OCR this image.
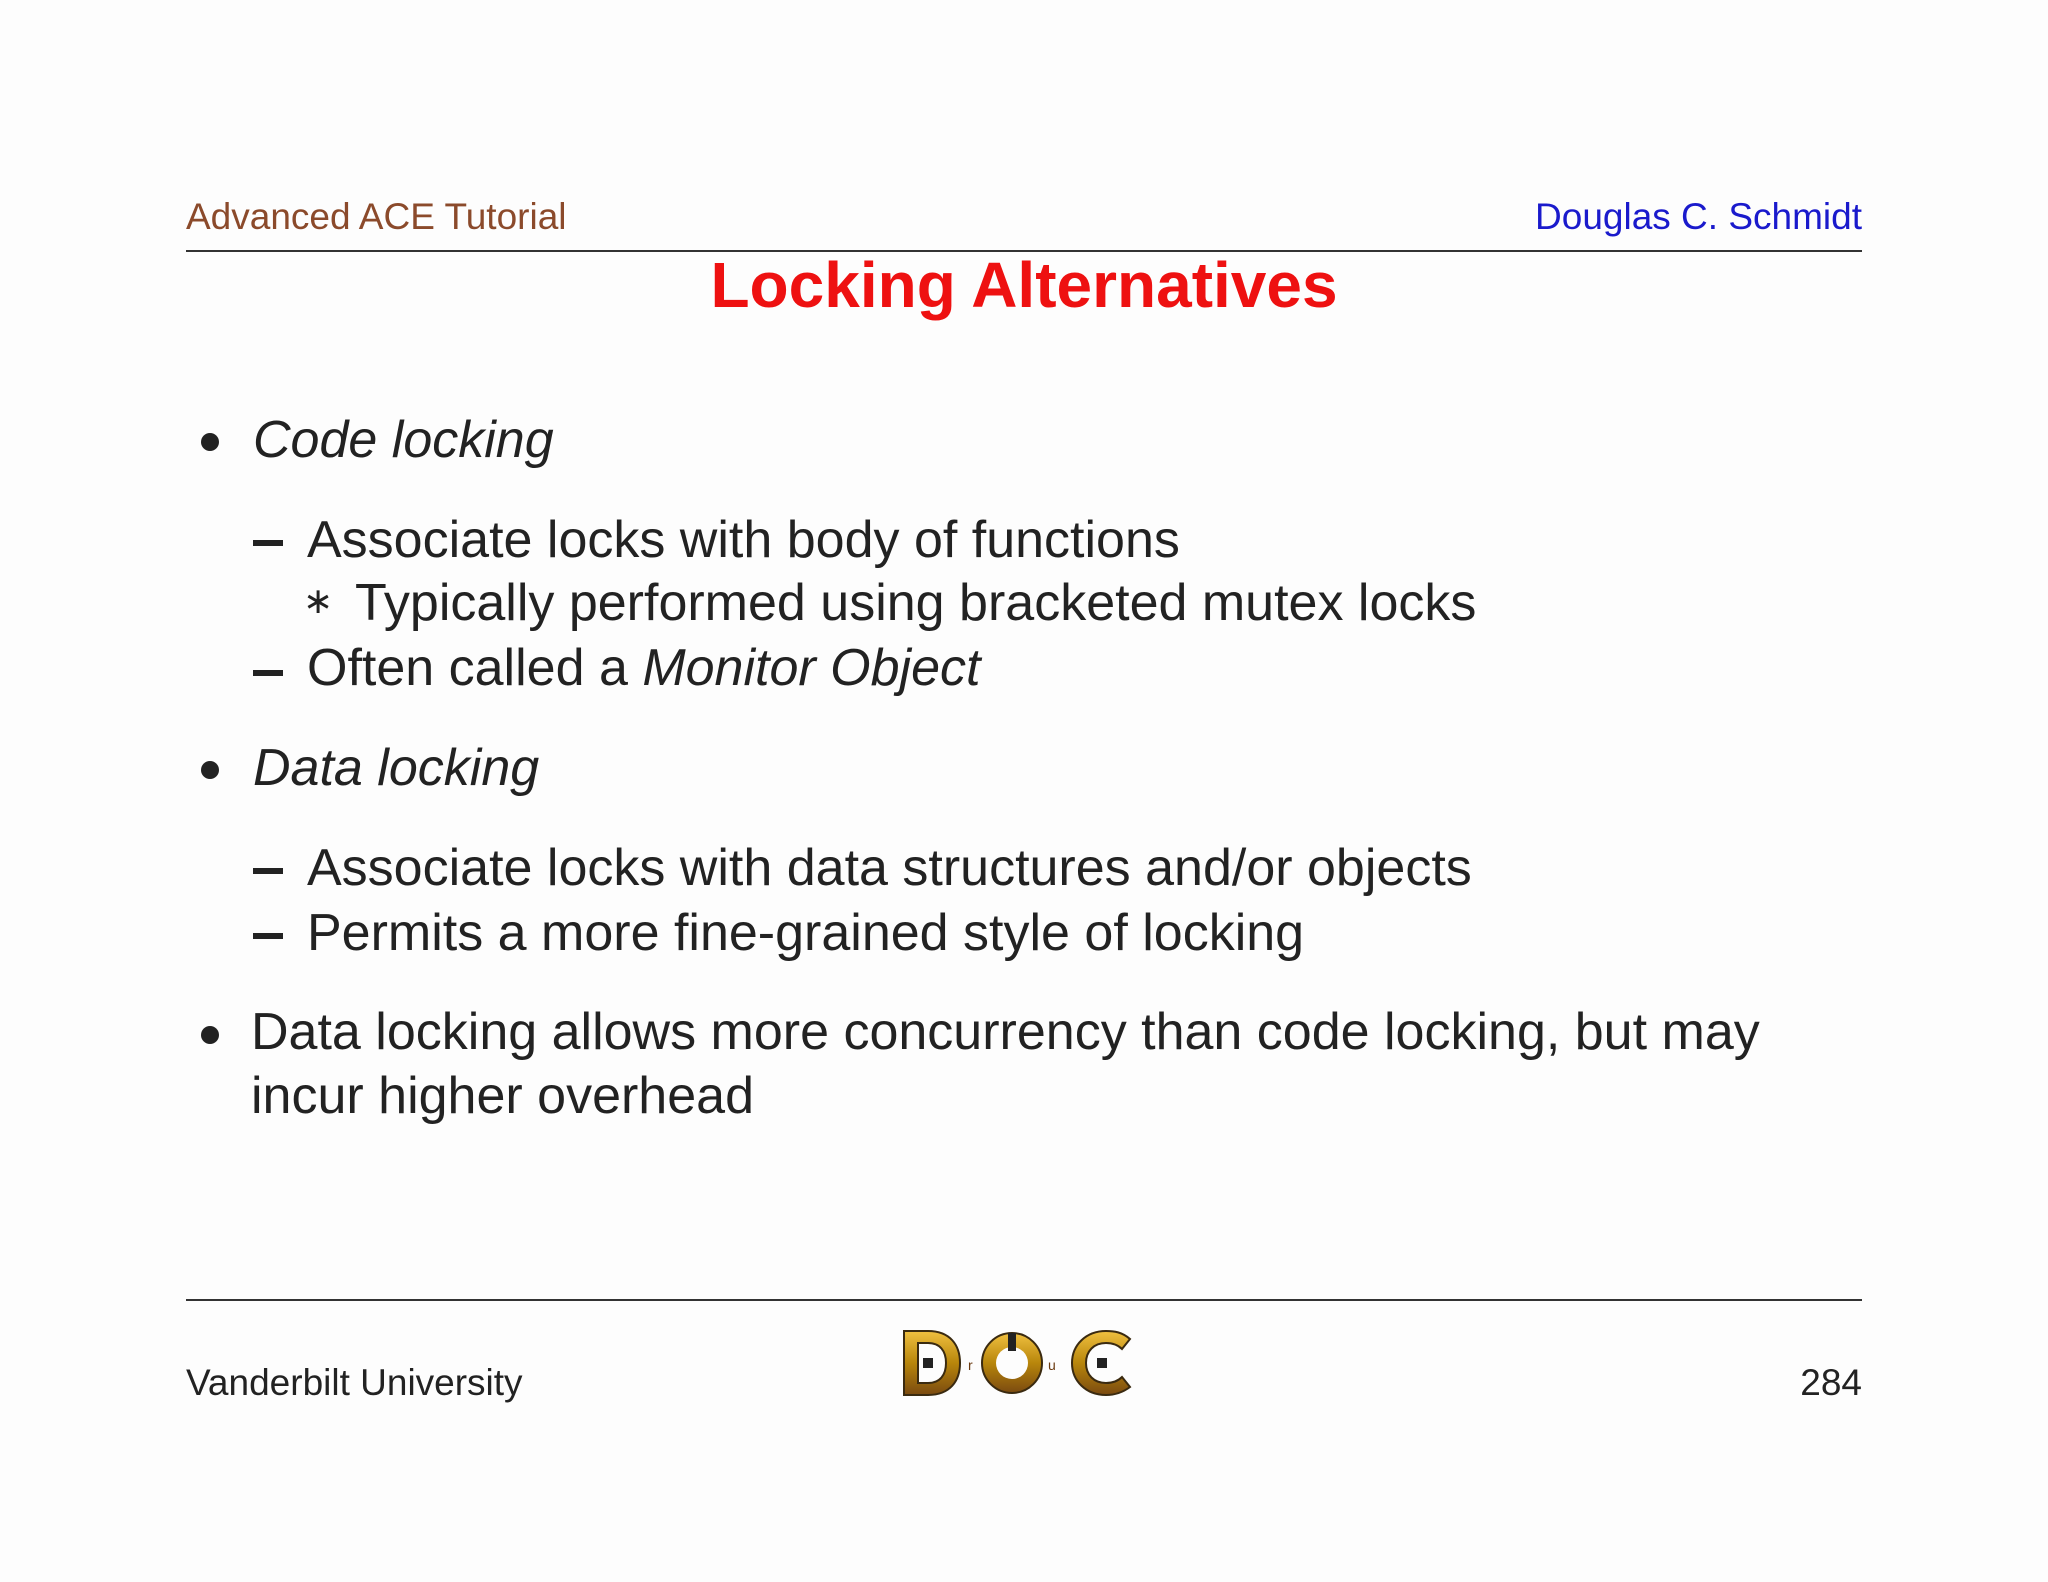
Advanced ACE Tutorial	Douglas C. Schmidt
Locking Alternatives
Code locking
Associate locks with body of functions
∗ Typically performed using bracketed mutex locks
Often called a Monitor Object
Data locking
Associate locks with data structures and/or objects
Permits a more fine-grained style of locking
Data locking allows more concurrency than code locking, but may
incur higher overhead
Vanderbilt University	r	u	284
